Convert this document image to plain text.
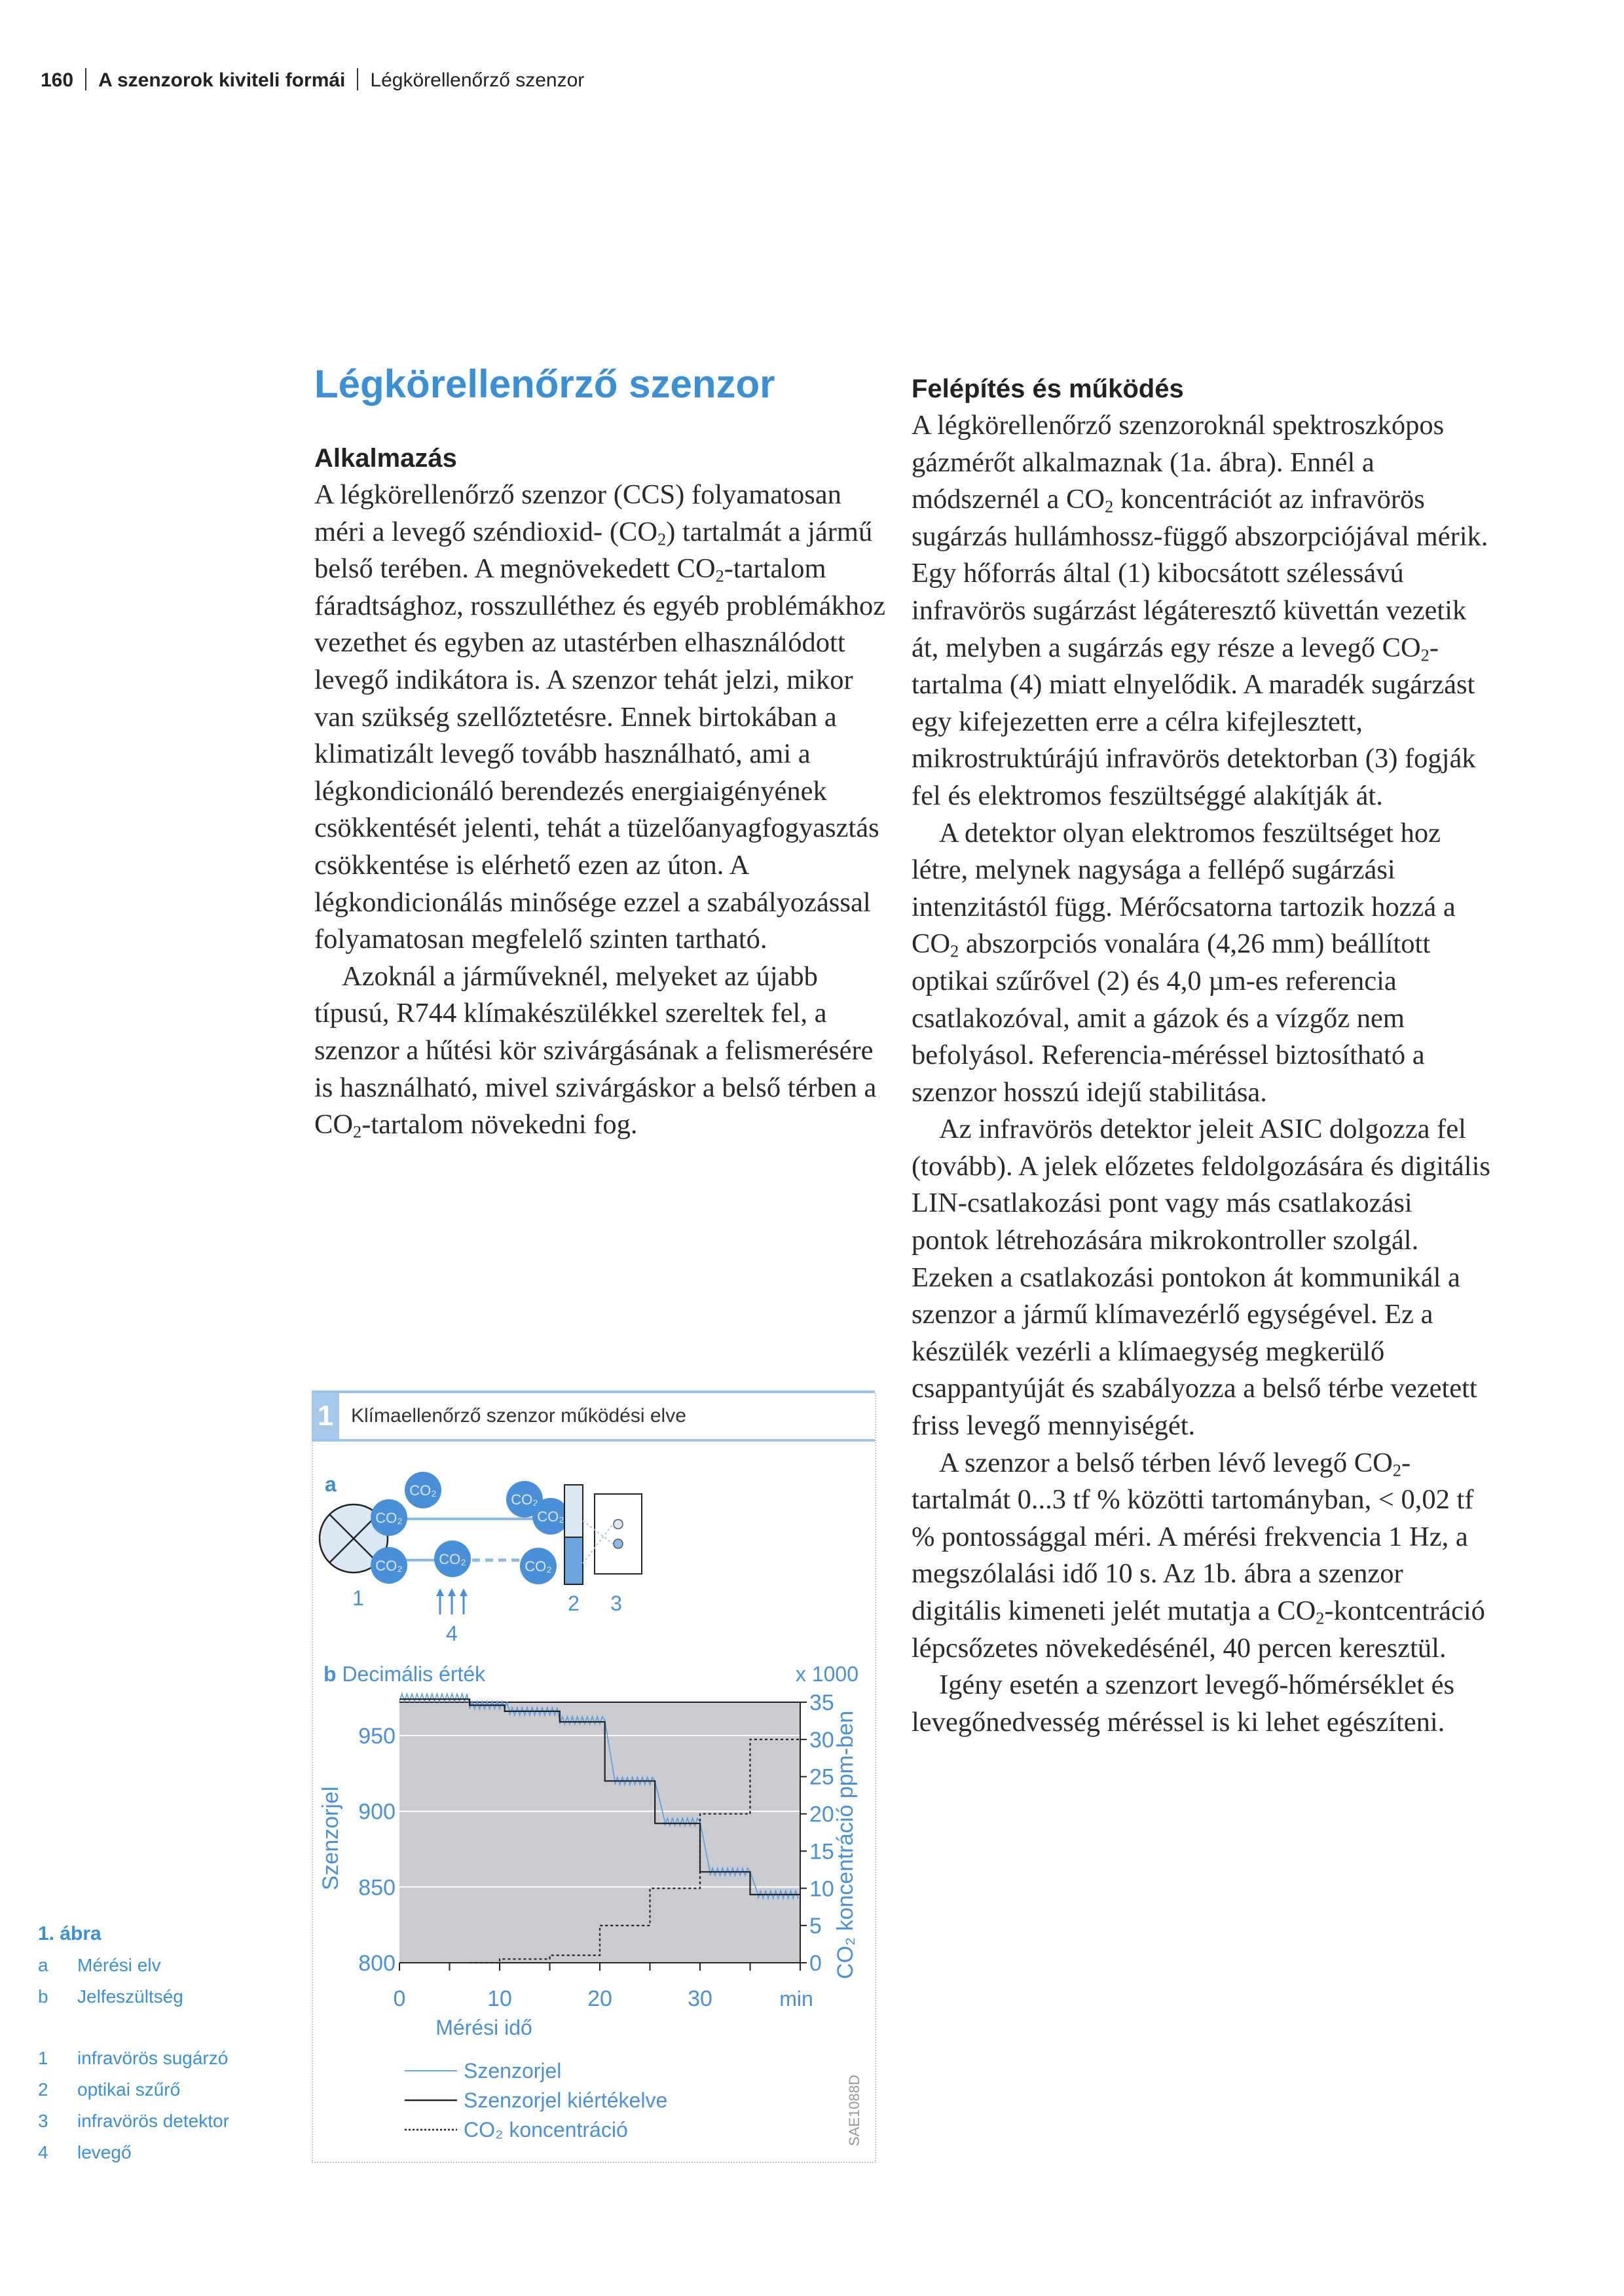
160 A szenzorok kiviteli formái Légkörellenőrző szenzor
Légkörellenőrző szenzor
Alkalmazás

A légkörellenőrző szenzor (CCS) folyamatosan méri a levegő széndioxid- $(CO_2)$ tartalmát a jármű belső terében. A megnövekedett $CO_2$-tartalom fáradtsághoz, rosszulléthez és egyéb problémákhoz vezethet és egyben az utastérben elhasználódott levegő indikátora is. A szenzor tehát jelzi, mikor van szükség szellőztetésre. Ennek birtokában a klimatizált levegő tovább használható, ami a légkondicionáló berendezés energiaigényének csökkentését jelenti, tehát a tüzelőanyagfogyasztás csökkentése is elérhető ezen az úton. A légkondicionálás minősége ezzel a szabályozással folyamatosan megfelelő szinten tartható.

Azoknál a járműveknél, melyeket az újabb típusú, R744 klímakészülékkel szereltek fel, a szenzor a hűtési kör szivárgásának a felismerésére is használható, mivel szivárgáskor a belső térben a $CO_2$-tartalom növekedni fog.

Felépítés és működés

A légkörellenőrző szenzoroknál spektroszkópos gázmérőt alkalmaznak (1a. ábra). Ennél a módszernél a $CO_2$ koncentrációt az infravörös sugárzás hullámhossz-függő abszorpciójával mérik. Egy hőforrás által (1) kibocsátott szélessávú infravörös sugárzást légáteresztő küvettán vezetik át, melyben a sugárzás egy része a levegő $CO_2$-tartalma (4) miatt elnyelődik. A maradék sugárzást egy kifejezetten erre a célra kifejlesztett, mikrostruktúrájú infravörös detektorban (3) fogják fel és elektromos feszültséggé alakítják át.

A detektor olyan elektromos feszültséget hoz létre, melynek nagysága a fellépő sugárzási intenzitástól függ. Mérőcsatorna tartozik hozzá a $CO_2$ abszorpciós vonalára (4,26 mm) beállított optikai szűrővel (2) és 4,0 µm-es referencia csatlakozóval, amit a gázok és a vízgőz nem befolyásol. Referencia-méréssel biztosítható a szenzor hosszú idejű stabilitása.

Az infravörös detektor jeleit ASIC dolgozza fel (tovább). A jelek előzetes feldolgozására és digitális LIN-csatlakozási pont vagy más csatlakozási pontok létrehozására mikrokontroller szolgál. Ezeken a csatlakozási pontokon át kommunikál a szenzor a jármű klímavezérlő egységével. Ez a készülék vezérli a klímaegység megkerülő csappantyúját és szabályozza a belső térbe vezetett friss levegő mennyiségét.

A szenzor a belső térben lévő levegő $CO_2$-tartalmát 0...3 tf % közötti tartományban, < 0,02 tf % pontossággal méri. A mérési frekvencia 1 Hz, a megszólalási idő 10 s. Az 1b. ábra a szenzor digitális kimeneti jelét mutatja a $CO_2$-kontcentráció lépcsőzetes növekedésénél, 40 percen keresztül.

Igény esetén a szenzort levegő-hőmérséklet és levegőnedvesség méréssel is ki lehet egészíteni.

1 Klímaellenőrző szenzor működési elve
a	CO₂
CO₂
CO₂	CO₂
CO₂
CO₂
CO₂
1	2 3
4
b Decimális érték	x 1000
800
850
900
950
0	10	20	30
0
5
10
15
20
25
30
35
Szenzorjel	CO₂ koncentráció ppm-ben
Mérési idő
min
Szenzorjel
Szenzorjel kiértékelve
CO₂ koncentráció	SAE1088D
1. ábra
a	Mérési elv
b	Jelfeszültség
1	infravörös sugárzó
2	optikai szűrő
3	infravörös detektor
4	levegő
